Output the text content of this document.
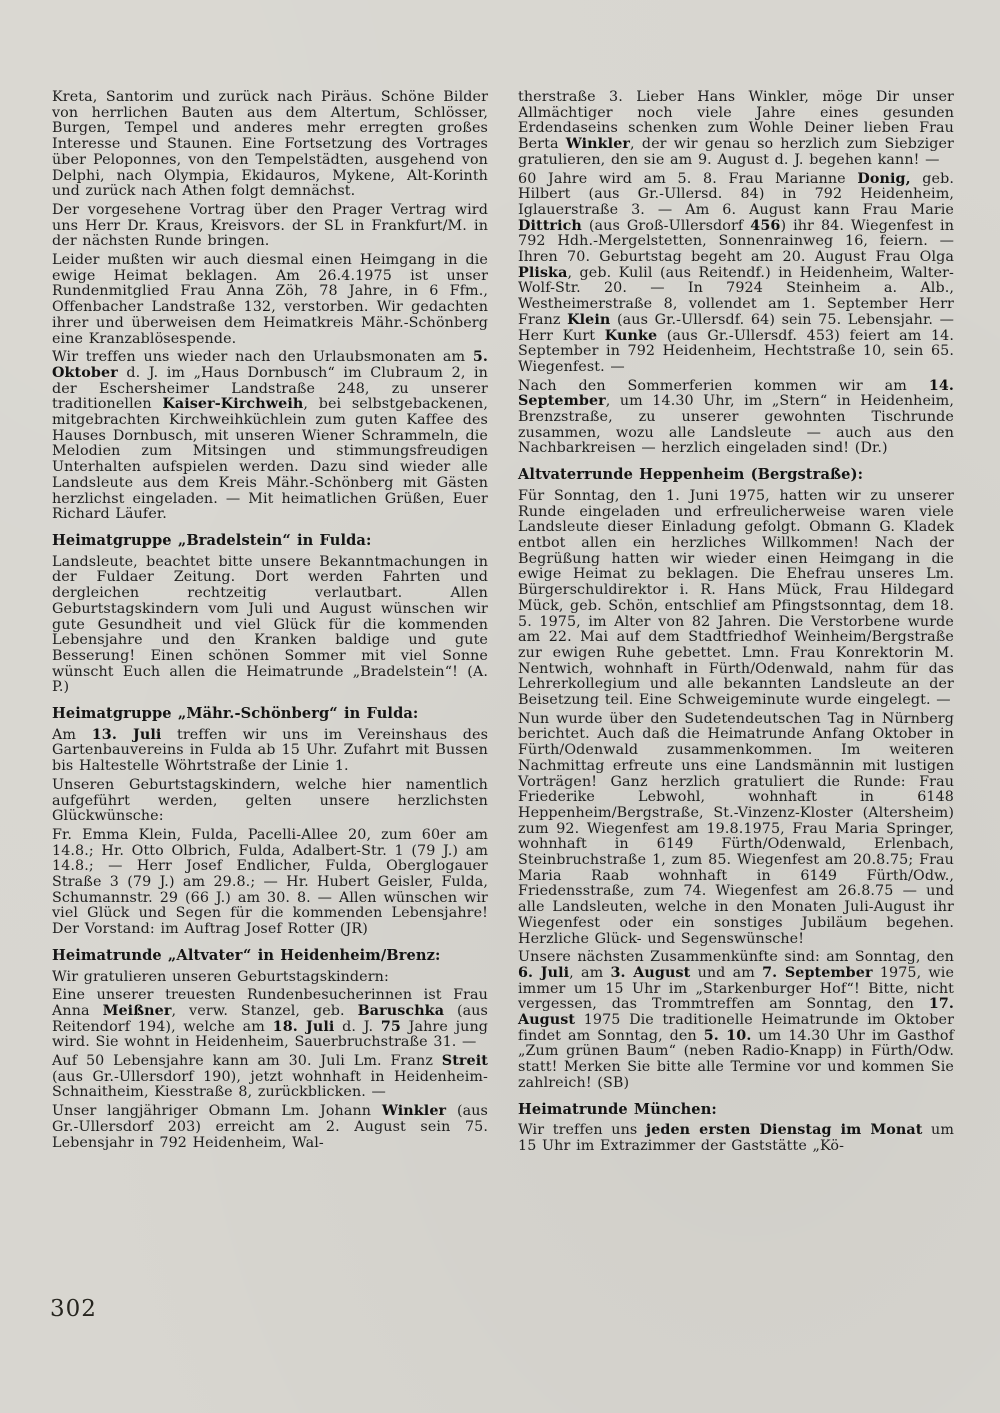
Kreta, Santorim und zurück nach Piräus. Schöne Bilder von herrlichen Bauten aus dem Altertum, Schlösser, Burgen, Tempel und anderes mehr erregten großes Interesse und Staunen. Eine Fortsetzung des Vortrages über Peloponnes, von den Tempelstädten, ausgehend von Delphi, nach Olympia, Ekidauros, Mykene, Alt-Korinth und zurück nach Athen folgt demnächst.

Der vorgesehene Vortrag über den Prager Vertrag wird uns Herr Dr. Kraus, Kreisvors. der SL in Frankfurt/M. in der nächsten Runde bringen.

Leider mußten wir auch diesmal einen Heimgang in die ewige Heimat beklagen. Am 26.4.1975 ist unser Rundenmitglied Frau Anna Zöh, 78 Jahre, in 6 Ffm., Offenbacher Landstraße 132, verstorben. Wir gedachten ihrer und überweisen dem Heimatkreis Mähr.-Schönberg eine Kranzablösespende.

Wir treffen uns wieder nach den Urlaubsmonaten am 5. Oktober d. J. im „Haus Dornbusch“ im Clubraum 2, in der Eschersheimer Landstraße 248, zu unserer traditionellen Kaiser-Kirchweih, bei selbstgebackenen, mitgebrachten Kirchweihküchlein zum guten Kaffee des Hauses Dornbusch, mit unseren Wiener Schrammeln, die Melodien zum Mitsingen und stimmungsfreudigen Unterhalten aufspielen werden. Dazu sind wieder alle Landsleute aus dem Kreis Mähr.-Schönberg mit Gästen herzlichst eingeladen. — Mit heimatlichen Grüßen, Euer Richard Läufer.

Heimatgruppe „Bradelstein“ in Fulda:

Landsleute, beachtet bitte unsere Bekanntmachungen in der Fuldaer Zeitung. Dort werden Fahrten und dergleichen rechtzeitig verlautbart. Allen Geburtstagskindern vom Juli und August wünschen wir gute Gesundheit und viel Glück für die kommenden Lebensjahre und den Kranken baldige und gute Besserung! Einen schönen Sommer mit viel Sonne wünscht Euch allen die Heimatrunde „Bradelstein“! (A. P.)

Heimatgruppe „Mähr.-Schönberg“ in Fulda:

Am 13. Juli treffen wir uns im Vereinshaus des Gartenbauvereins in Fulda ab 15 Uhr. Zufahrt mit Bussen bis Haltestelle Wöhrtstraße der Linie 1.

Unseren Geburtstagskindern, welche hier namentlich aufgeführt werden, gelten unsere herzlichsten Glückwünsche:

Fr. Emma Klein, Fulda, Pacelli-Allee 20, zum 60er am 14.8.; Hr. Otto Olbrich, Fulda, Adalbert-Str. 1 (79 J.) am 14.8.; — Herr Josef Endlicher, Fulda, Oberglogauer Straße 3 (79 J.) am 29.8.; — Hr. Hubert Geisler, Fulda, Schumannstr. 29 (66 J.) am 30. 8. — Allen wünschen wir viel Glück und Segen für die kommenden Lebensjahre! Der Vorstand: im Auftrag Josef Rotter (JR)

Heimatrunde „Altvater“ in Heidenheim/Brenz:

Wir gratulieren unseren Geburtstagskindern:

Eine unserer treuesten Rundenbesucherinnen ist Frau Anna Meißner, verw. Stanzel, geb. Baruschka (aus Reitendorf 194), welche am 18. Juli d. J. 75 Jahre jung wird. Sie wohnt in Heidenheim, Sauerbruchstraße 31. —

Auf 50 Lebensjahre kann am 30. Juli Lm. Franz Streit (aus Gr.-Ullersdorf 190), jetzt wohnhaft in Heidenheim-Schnaitheim, Kiesstraße 8, zurückblicken. —

Unser langjähriger Obmann Lm. Johann Winkler (aus Gr.-Ullersdorf 203) erreicht am 2. August sein 75. Lebensjahr in 792 Heidenheim, Wal-

therstraße 3. Lieber Hans Winkler, möge Dir unser Allmächtiger noch viele Jahre eines gesunden Erdendaseins schenken zum Wohle Deiner lieben Frau Berta Winkler, der wir genau so herzlich zum Siebziger gratulieren, den sie am 9. August d. J. begehen kann! —

60 Jahre wird am 5. 8. Frau Marianne Donig, geb. Hilbert (aus Gr.-Ullersd. 84) in 792 Heidenheim, Iglauerstraße 3. — Am 6. August kann Frau Marie Dittrich (aus Groß-Ullersdorf 456) ihr 84. Wiegenfest in 792 Hdh.-Mergelstetten, Sonnenrainweg 16, feiern. — Ihren 70. Geburtstag begeht am 20. August Frau Olga Pliska, geb. Kulil (aus Reitendf.) in Heidenheim, Walter-Wolf-Str. 20. — In 7924 Steinheim a. Alb., Westheimerstraße 8, vollendet am 1. September Herr Franz Klein (aus Gr.-Ullersdf. 64) sein 75. Lebensjahr. — Herr Kurt Kunke (aus Gr.-Ullersdf. 453) feiert am 14. September in 792 Heidenheim, Hechtstraße 10, sein 65. Wiegenfest. —

Nach den Sommerferien kommen wir am 14. September, um 14.30 Uhr, im „Stern“ in Heidenheim, Brenzstraße, zu unserer gewohnten Tischrunde zusammen, wozu alle Landsleute — auch aus den Nachbarkreisen — herzlich eingeladen sind! (Dr.)

Altvaterrunde Heppenheim (Bergstraße):

Für Sonntag, den 1. Juni 1975, hatten wir zu unserer Runde eingeladen und erfreulicherweise waren viele Landsleute dieser Einladung gefolgt. Obmann G. Kladek entbot allen ein herzliches Willkommen! Nach der Begrüßung hatten wir wieder einen Heimgang in die ewige Heimat zu beklagen. Die Ehefrau unseres Lm. Bürgerschuldirektor i. R. Hans Mück, Frau Hildegard Mück, geb. Schön, entschlief am Pfingstsonntag, dem 18. 5. 1975, im Alter von 82 Jahren. Die Verstorbene wurde am 22. Mai auf dem Stadtfriedhof Weinheim/Bergstraße zur ewigen Ruhe gebettet. Lmn. Frau Konrektorin M. Nentwich, wohnhaft in Fürth/Odenwald, nahm für das Lehrerkollegium und alle bekannten Landsleute an der Beisetzung teil. Eine Schweigeminute wurde eingelegt. —

Nun wurde über den Sudetendeutschen Tag in Nürnberg berichtet. Auch daß die Heimatrunde Anfang Oktober in Fürth/Odenwald zusammenkommen. Im weiteren Nachmittag erfreute uns eine Landsmännin mit lustigen Vorträgen! Ganz herzlich gratuliert die Runde: Frau Friederike Lebwohl, wohnhaft in 6148 Heppenheim/Bergstraße, St.-Vinzenz-Kloster (Altersheim) zum 92. Wiegenfest am 19.8.1975, Frau Maria Springer, wohnhaft in 6149 Fürth/Odenwald, Erlenbach, Steinbruchstraße 1, zum 85. Wiegenfest am 20.8.75; Frau Maria Raab wohnhaft in 6149 Fürth/Odw., Friedensstraße, zum 74. Wiegenfest am 26.8.75 — und alle Landsleuten, welche in den Monaten Juli-August ihr Wiegenfest oder ein sonstiges Jubiläum begehen. Herzliche Glück- und Segenswünsche!

Unsere nächsten Zusammenkünfte sind: am Sonntag, den 6. Juli, am 3. August und am 7. September 1975, wie immer um 15 Uhr im „Starkenburger Hof“! Bitte, nicht vergessen, das Trommtreffen am Sonntag, den 17. August 1975 Die traditionelle Heimatrunde im Oktober findet am Sonntag, den 5. 10. um 14.30 Uhr im Gasthof „Zum grünen Baum“ (neben Radio-Knapp) in Fürth/Odw. statt! Merken Sie bitte alle Termine vor und kommen Sie zahlreich! (SB)

Heimatrunde München:

Wir treffen uns jeden ersten Dienstag im Monat um 15 Uhr im Extrazimmer der Gaststätte „Kö-

302
